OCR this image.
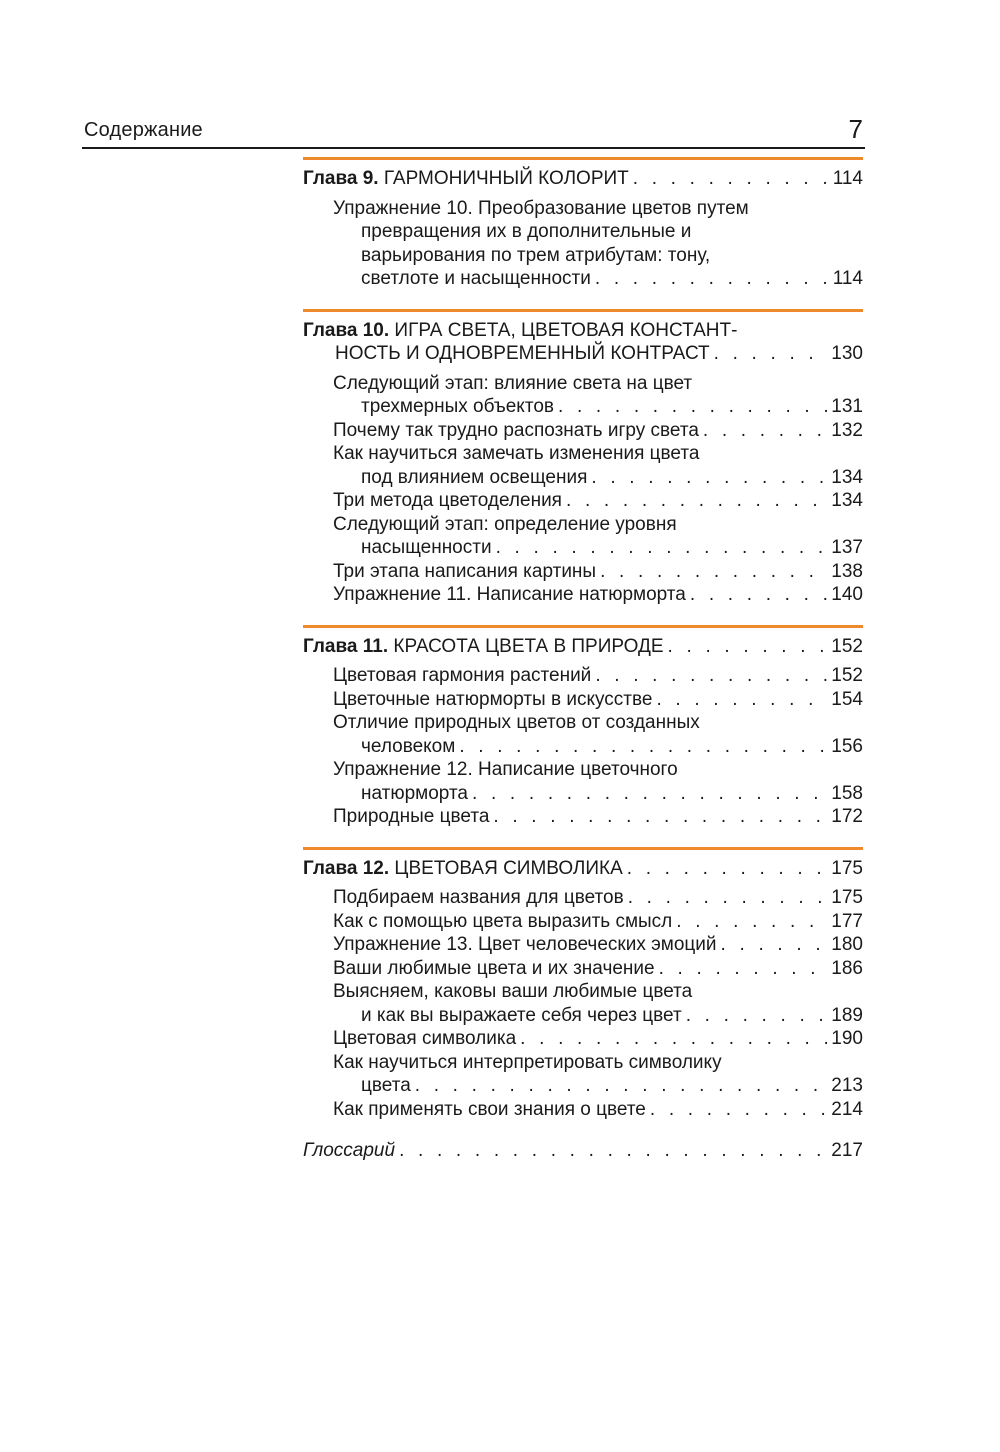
Содержание	7
Глава 9. ГАРМОНИЧНЫЙ КОЛОРИТ . . .	114
Упражнение 10. Преобразование цветов путем
превращения их в дополнительные и
варьирования по трем атрибутам: тону,
светлоте и насыщенности . . .	114
Глава 10. ИГРА СВЕТА, ЦВЕТОВАЯ КОНСТАНТ-
НОСТЬ И ОДНОВРЕМЕННЫЙ КОНТРАСТ . . .	130
Следующий этап: влияние света на цвет
трехмерных объектов . . .	131
Почему так трудно распознать игру света . . .	132
Как научиться замечать изменения цвета
под влиянием освещения . . .	134
Три метода цветоделения . . .	134
Следующий этап: определение уровня
насыщенности . . .	137
Три этапа написания картины . . .	138
Упражнение 11. Написание натюрморта . . .	140
Глава 11. КРАСОТА ЦВЕТА В ПРИРОДЕ . . .	152
Цветовая гармония растений . . .	152
Цветочные натюрморты в искусстве . . .	154
Отличие природных цветов от созданных
человеком . . .	156
Упражнение 12. Написание цветочного
натюрморта . . .	158
Природные цвета . . .	172
Глава 12. ЦВЕТОВАЯ СИМВОЛИКА . . .	175
Подбираем названия для цветов . . .	175
Как с помощью цвета выразить смысл . . .	177
Упражнение 13. Цвет человеческих эмоций . . .	180
Ваши любимые цвета и их значение . . .	186
Выясняем, каковы ваши любимые цвета
и как вы выражаете себя через цвет . . .	189
Цветовая символика . . .	190
Как научиться интерпретировать символику
цвета . . .	213
Как применять свои знания о цвете . . .	214
Глоссарий . . .	217
